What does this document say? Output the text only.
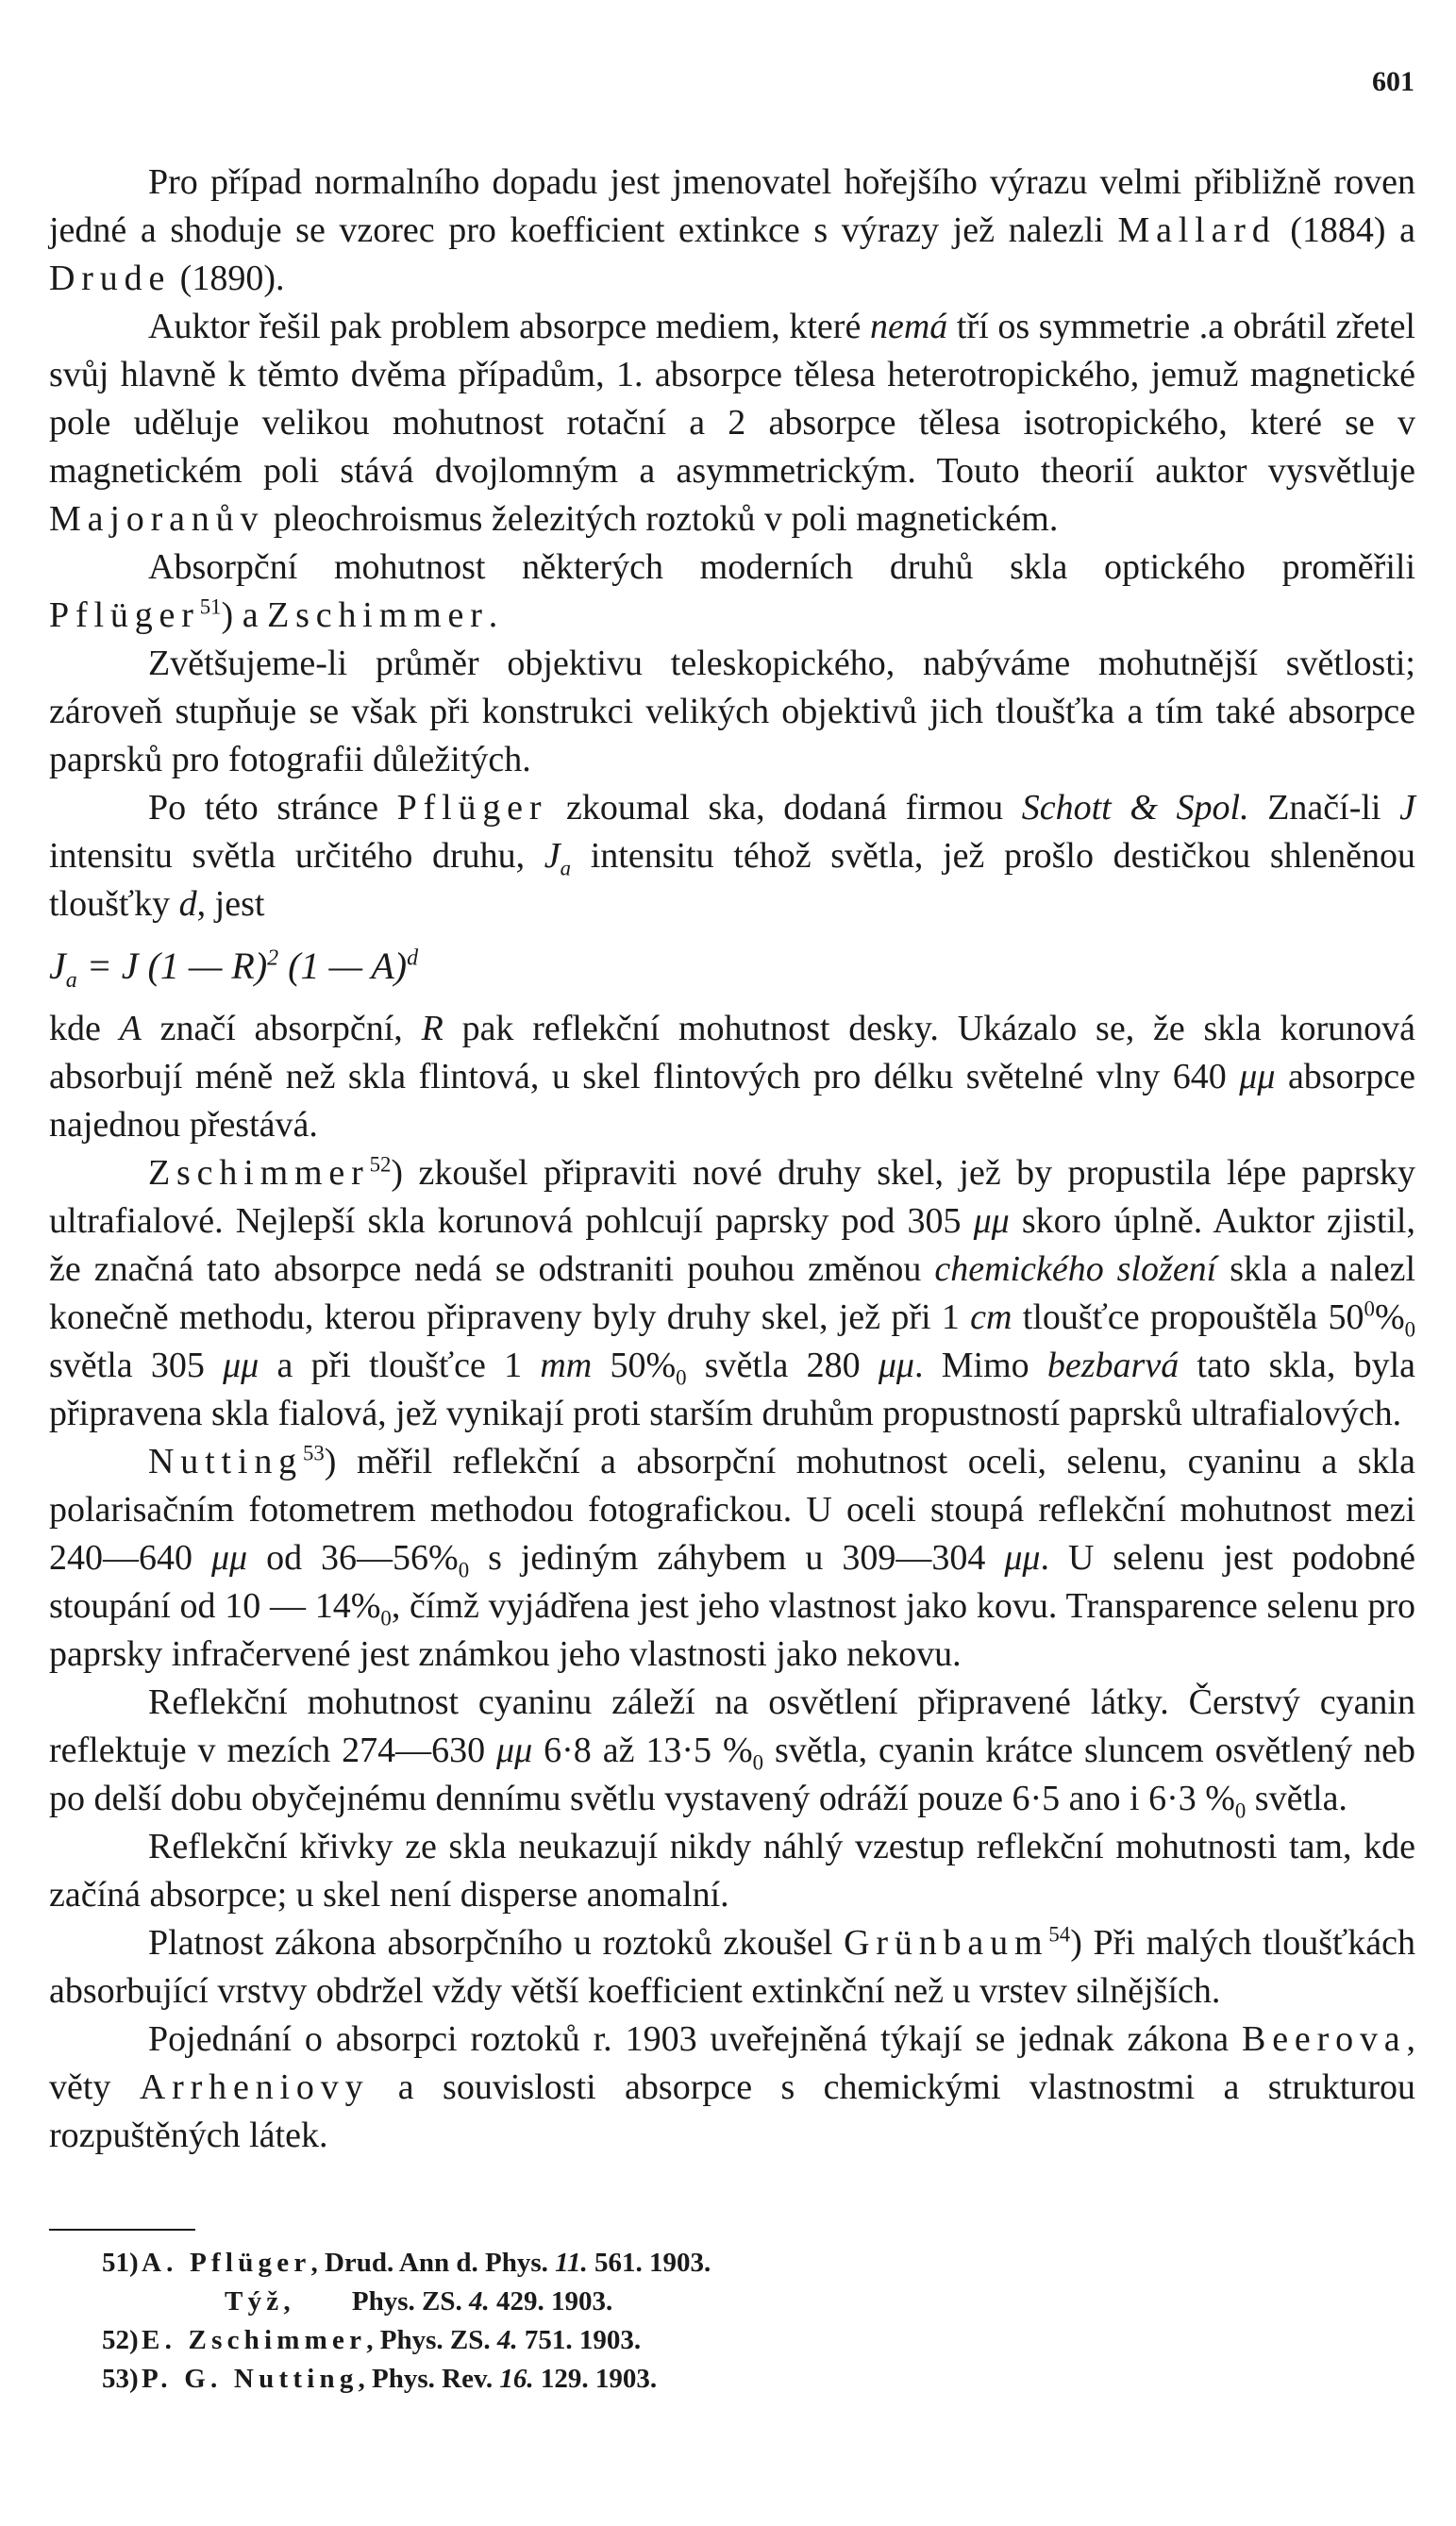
601

Pro případ normalního dopadu jest jmenovatel hořejšího výrazu velmi přibližně roven jedné a shoduje se vzorec pro koefficient extinkce s výrazy jež nalezli Mallard (1884) a Drude (1890).

Auktor řešil pak problem absorpce mediem, které nemá tří os symmetrie .a obrátil zřetel svůj hlavně k těmto dvěma případům, 1. absorpce tělesa heterotropického, jemuž magnetické pole uděluje velikou mohutnost rotační a 2 absorpce tělesa isotropického, které se v magnetickém poli stává dvojlomným a asymmetrickým. Touto theorií auktor vysvětluje Majoranův pleochroismus železitých roztoků v poli magnetickém.

Absorpční mohutnost některých moderních druhů skla optického proměřili Pflüger$^{51}$) a Zschimmer.

Zvětšujeme-li průměr objektivu teleskopického, nabýváme mohutnější světlosti; zároveň stupňuje se však při konstrukci velikých objektivů jich tloušťka a tím také absorpce paprsků pro fotografii důležitých.

Po této stránce Pflüger zkoumal ska, dodaná firmou Schott & Spol. Značí-li J intensitu světla určitého druhu, $J_a$ intensitu téhož světla, jež prošlo destičkou shleněnou tloušťky d, jest

$J_a = J$ (1 — R)$^2$ (1 — A)$^d$

kde A značí absorpční, R pak reflekční mohutnost desky. Ukázalo se, že skla korunová absorbují méně než skla flintová, u skel flintových pro délku světelné vlny 640 μμ absorpce najednou přestává.

Zschimmer$^{52}$) zkoušel připraviti nové druhy skel, jež by propustila lépe paprsky ultrafialové. Nejlepší skla korunová pohlcují paprsky pod 305 μμ skoro úplně. Auktor zjistil, že značná tato absorpce nedá se odstraniti pouhou změnou chemického složení skla a nalezl konečně methodu, kterou připraveny byly druhy skel, jež při 1 cm tloušťce propouštěla $50^0\%_0$ světla 305 μμ a při tloušťce 1 mm $50\%_0$ světla 280 μμ. Mimo bezbarvá tato skla, byla připravena skla fialová, jež vynikají proti starším druhům propustností paprsků ultrafialových.

Nutting$^{53}$) měřil reflekční a absorpční mohutnost oceli, selenu, cyaninu a skla polarisačním fotometrem methodou fotografickou. U oceli stoupá reflekční mohutnost mezi 240—640 μμ od $36—56\%_0$ s jediným záhybem u 309—304 μμ. U selenu jest podobné stoupání od 10 — $14\%_0$, čímž vyjádřena jest jeho vlastnost jako kovu. Transparence selenu pro paprsky infračervené jest známkou jeho vlastnosti jako nekovu.

Reflekční mohutnost cyaninu záleží na osvětlení připravené látky. Čerstvý cyanin reflektuje v mezích 274—630 μμ 6·8 až 13·5 $\%_0$ světla, cyanin krátce sluncem osvětlený neb po delší dobu obyčejnému dennímu světlu vystavený odráží pouze 6·5 ano i 6·3 $\%_0$ světla.

Reflekční křivky ze skla neukazují nikdy náhlý vzestup reflekční mohutnosti tam, kde začíná absorpce; u skel není disperse anomalní.

Platnost zákona absorpčního u roztoků zkoušel Grünbaum$^{54}$) Při malých tloušťkách absorbující vrstvy obdržel vždy větší koefficient extinkční než u vrstev silnějších.

Pojednání o absorpci roztoků r. 1903 uveřejněná týkají se jednak zákona Beerova, věty Arrheniovy a souvislosti absorpce s chemickými vlastnostmi a strukturou rozpuštěných látek.

51) A. Pflüger, Drud. Ann d. Phys. 11. 561. 1903.

Týž, Phys. ZS. 4. 429. 1903.

52) E. Zschimmer, Phys. ZS. 4. 751. 1903.

53) P. G. Nutting, Phys. Rev. 16. 129. 1903.
